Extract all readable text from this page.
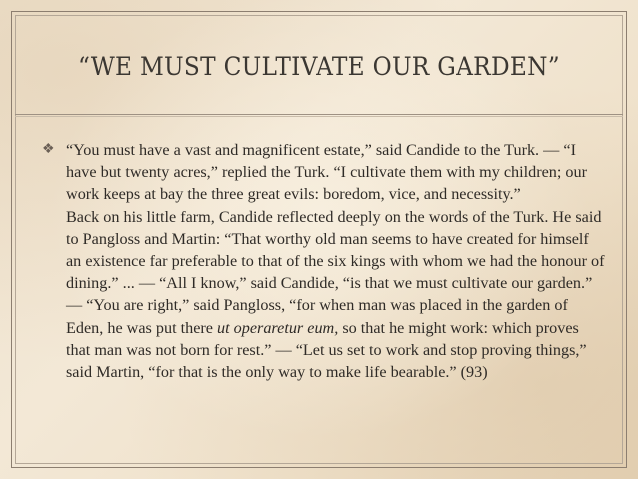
“WE MUST CULTIVATE OUR GARDEN”
❖ “You must have a vast and magnificent estate,” said Candide to the Turk. — “I have but twenty acres,” replied the Turk. “I cultivate them with my children; our work keeps at bay the three great evils: boredom, vice, and necessity.”

Back on his little farm, Candide reflected deeply on the words of the Turk. He said to Pangloss and Martin: “That worthy old man seems to have created for himself an existence far preferable to that of the six kings with whom we had the honour of dining.” ... — “All I know,” said Candide, “is that we must cultivate our garden.” — “You are right,” said Pangloss, “for when man was placed in the garden of Eden, he was put there ut operaretur eum, so that he might work: which proves that man was not born for rest.” — “Let us set to work and stop proving things,” said Martin, “for that is the only way to make life bearable.” (93)
